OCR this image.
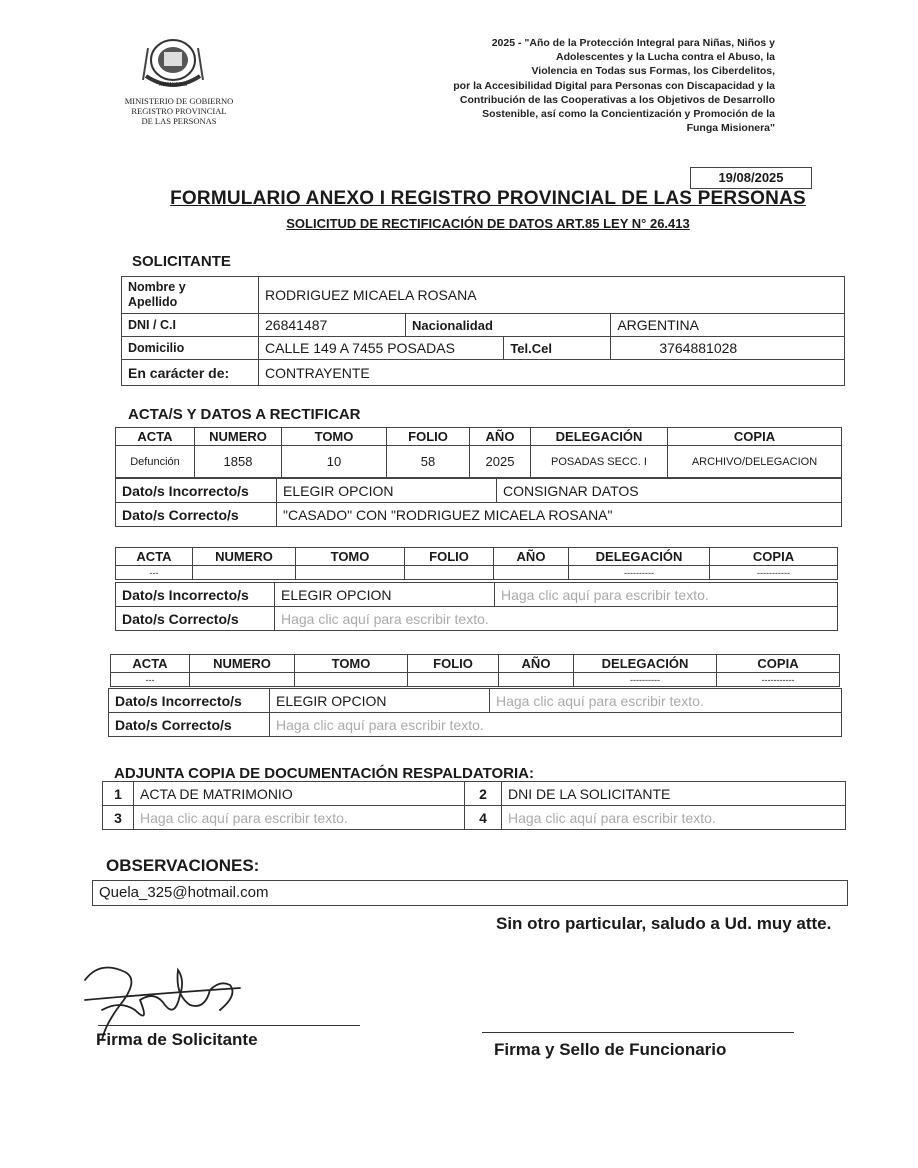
MISIONES
MINISTERIO DE GOBIERNO
REGISTRO PROVINCIAL
DE LAS PERSONAS
2025 - "Año de la Protección Integral para Niñas, Niños y
Adolescentes y la Lucha contra el Abuso, la
Violencia en Todas sus Formas, los Ciberdelitos,
por la Accesibilidad Digital para Personas con Discapacidad y la
Contribución de las Cooperativas a los Objetivos de Desarrollo
Sostenible, así como la Concientización y Promoción de la
Funga Misionera"
19/08/2025
FORMULARIO ANEXO I REGISTRO PROVINCIAL DE LAS PERSONAS
SOLICITUD DE RECTIFICACIÓN DE DATOS ART.85 LEY N° 26.413
SOLICITANTE
Nombre y
Apellido	RODRIGUEZ MICAELA ROSANA			
DNI / C.I	26841487	Nacionalidad		ARGENTINA
Domicilio	CALLE 149 A 7455 POSADAS		Tel.Cel	3764881028
En carácter de:	CONTRAYENTE			
ACTA/S Y DATOS A RECTIFICAR
ACTA	NUMERO	TOMO	FOLIO	AÑO	DELEGACIÓN	COPIA
Defunción	1858	10	58	2025	POSADAS SECC. I	ARCHIVO/DELEGACION
Dato/s Incorrecto/s	ELEGIR OPCION	CONSIGNAR DATOS
Dato/s Correcto/s	"CASADO" CON "RODRIGUEZ MICAELA ROSANA"	
ACTA	NUMERO	TOMO	FOLIO	AÑO	DELEGACIÓN	COPIA
---					----------	-----------
Dato/s Incorrecto/s	ELEGIR OPCION	Haga clic aquí para escribir texto.
Dato/s Correcto/s	Haga clic aquí para escribir texto.	
ACTA	NUMERO	TOMO	FOLIO	AÑO	DELEGACIÓN	COPIA
---					----------	-----------
Dato/s Incorrecto/s	ELEGIR OPCION	Haga clic aquí para escribir texto.
Dato/s Correcto/s	Haga clic aquí para escribir texto.	
ADJUNTA COPIA DE DOCUMENTACIÓN RESPALDATORIA:
1	ACTA DE MATRIMONIO	2	DNI DE LA SOLICITANTE
3	Haga clic aquí para escribir texto.	4	Haga clic aquí para escribir texto.
OBSERVACIONES:
Quela_325@hotmail.com
Sin otro particular, saludo a Ud. muy atte.
Firma de Solicitante
Firma y Sello de Funcionario
